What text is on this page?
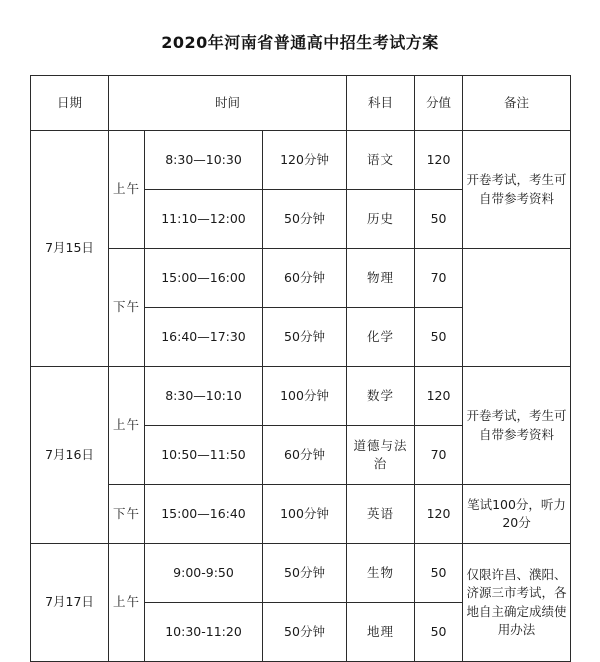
2020年河南省普通高中招生考试方案
日期	时间			科目	分值	备注
7月15日	上午	8:30—10:30	120分钟	语文	120	开卷考试，考生可自带参考资料
		11:10—12:00	50分钟	历史	50	
	下午	15:00—16:00	60分钟	物理	70	
		16:40—17:30	50分钟	化学	50	
7月16日	上午	8:30—10:10	100分钟	数学	120	开卷考试，考生可自带参考资料
		10:50—11:50	60分钟	道德与法治	70	
	下午	15:00—16:40	100分钟	英语	120	笔试100分，听力20分
7月17日	上午	9:00-9:50	50分钟	生物	50	仅限许昌、濮阳、济源三市考试，各地自主确定成绩使用办法
		10:30-11:20	50分钟	地理	50	
